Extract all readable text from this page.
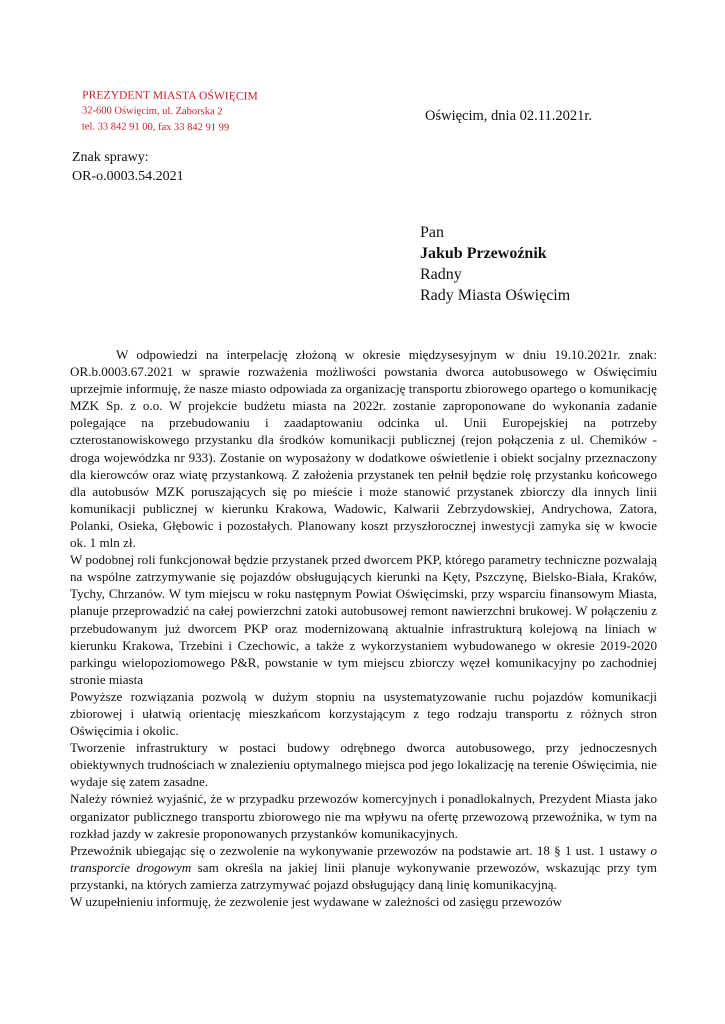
PREZYDENT MIASTA OŚWIĘCIM
32-600 Oświęcim, ul. Zaborska 2
tel. 33 842 91 00, fax 33 842 91 99
Oświęcim, dnia 02.11.2021r.
Znak sprawy:
OR-o.0003.54.2021
Pan
Jakub Przewoźnik
Radny
Rady Miasta Oświęcim

W odpowiedzi na interpelację złożoną w okresie międzysesyjnym w dniu 19.10.2021r. znak: OR.b.0003.67.2021 w sprawie rozważenia możliwości powstania dworca autobusowego w Oświęcimiu uprzejmie informuję, że nasze miasto odpowiada za organizację transportu zbiorowego opartego o komunikację MZK Sp. z o.o. W projekcie budżetu miasta na 2022r. zostanie zaproponowane do wykonania zadanie polegające na przebudowaniu i zaadaptowaniu odcinka ul. Unii Europejskiej na potrzeby czterostanowiskowego przystanku dla środków komunikacji publicznej (rejon połączenia z ul. Chemików - droga wojewódzka nr 933). Zostanie on wyposażony w dodatkowe oświetlenie i obiekt socjalny przeznaczony dla kierowców oraz wiatę przystankową. Z założenia przystanek ten pełnił będzie rolę przystanku końcowego dla autobusów MZK poruszających się po mieście i może stanowić przystanek zbiorczy dla innych linii komunikacji publicznej w kierunku Krakowa, Wadowic, Kalwarii Zebrzydowskiej, Andrychowa, Zatora, Polanki, Osieka, Głębowic i pozostałych. Planowany koszt przyszłorocznej inwestycji zamyka się w kwocie ok. 1 mln zł.

W podobnej roli funkcjonował będzie przystanek przed dworcem PKP, którego parametry techniczne pozwalają na wspólne zatrzymywanie się pojazdów obsługujących kierunki na Kęty, Pszczynę, Bielsko-Biała, Kraków, Tychy, Chrzanów. W tym miejscu w roku następnym Powiat Oświęcimski, przy wsparciu finansowym Miasta, planuje przeprowadzić na całej powierzchni zatoki autobusowej remont nawierzchni brukowej. W połączeniu z przebudowanym już dworcem PKP oraz modernizowaną aktualnie infrastrukturą kolejową na liniach w kierunku Krakowa, Trzebini i Czechowic, a także z wykorzystaniem wybudowanego w okresie 2019-2020 parkingu wielopoziomowego P&R, powstanie w tym miejscu zbiorczy węzeł komunikacyjny po zachodniej stronie miasta

Powyższe rozwiązania pozwolą w dużym stopniu na usystematyzowanie ruchu pojazdów komunikacji zbiorowej i ułatwią orientację mieszkańcom korzystającym z tego rodzaju transportu z różnych stron Oświęcimia i okolic.

Tworzenie infrastruktury w postaci budowy odrębnego dworca autobusowego, przy jednoczesnych obiektywnych trudnościach w znalezieniu optymalnego miejsca pod jego lokalizację na terenie Oświęcimia, nie wydaje się zatem zasadne.

Należy również wyjaśnić, że w przypadku przewozów komercyjnych i ponadlokalnych, Prezydent Miasta jako organizator publicznego transportu zbiorowego nie ma wpływu na ofertę przewozową przewoźnika, w tym na rozkład jazdy w zakresie proponowanych przystanków komunikacyjnych.

Przewoźnik ubiegając się o zezwolenie na wykonywanie przewozów na podstawie art. 18 § 1 ust. 1 ustawy o transporcie drogowym sam określa na jakiej linii planuje wykonywanie przewozów, wskazując przy tym przystanki, na których zamierza zatrzymywać pojazd obsługujący daną linię komunikacyjną.

W uzupełnieniu informuję, że zezwolenie jest wydawane w zależności od zasięgu przewozów
